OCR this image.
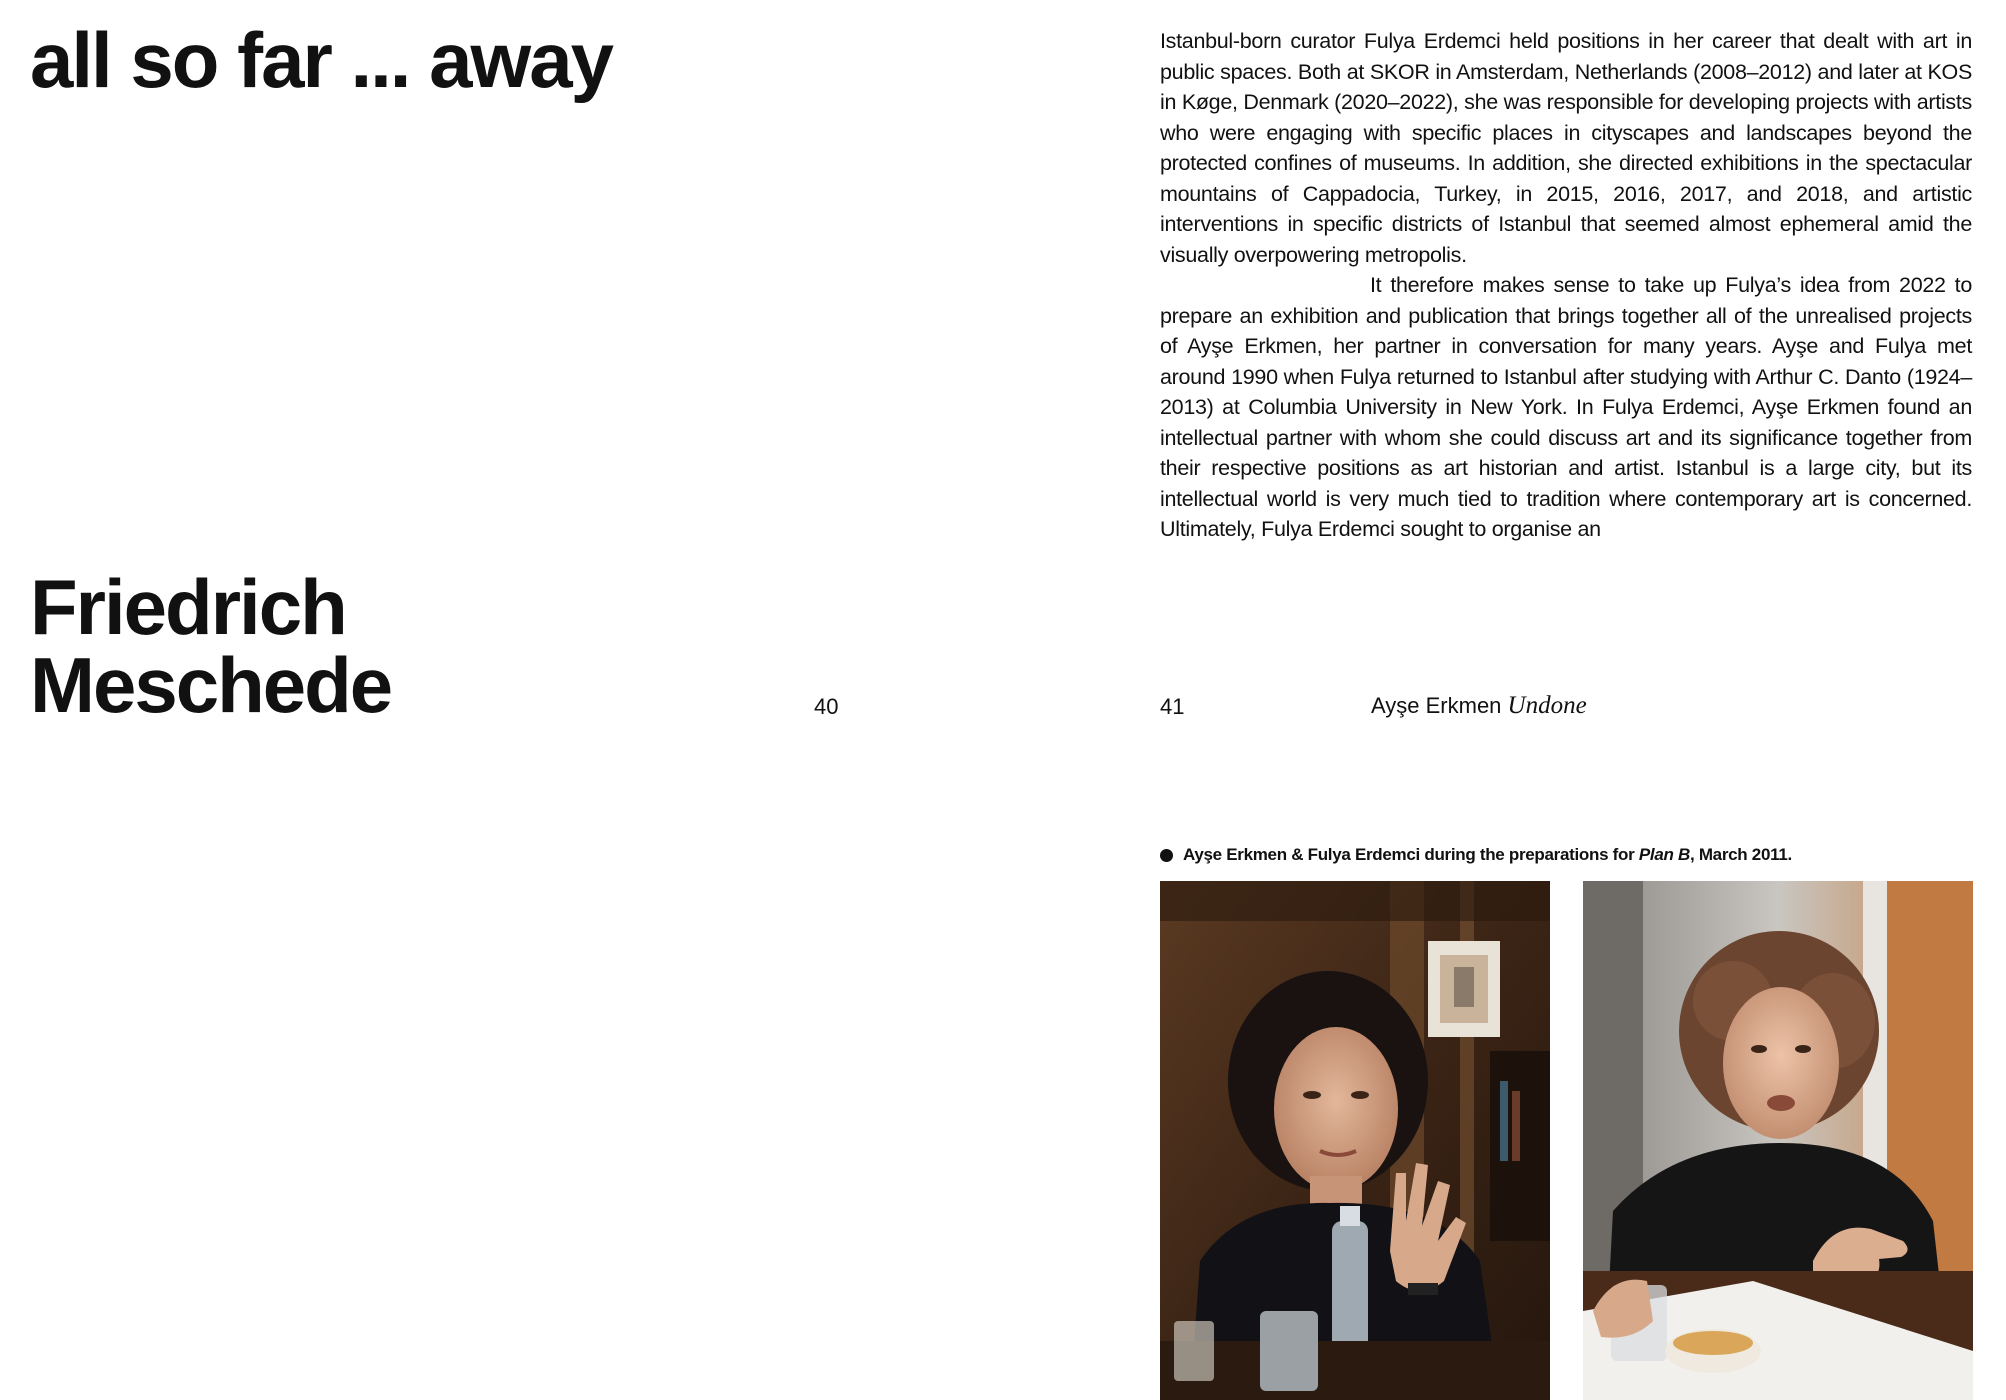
all so far ... away
Friedrich
Meschede	40

Istanbul-born curator Fulya Erdemci held positions in her career that dealt with art in public spaces. Both at SKOR in Amsterdam, Netherlands (2008–2012) and later at KOS in Køge, Denmark (2020–2022), she was responsible for developing projects with artists who were engaging with specific places in cityscapes and landscapes beyond the protected confines of museums. In addition, she directed exhibitions in the spectacular mountains of Cappadocia, Turkey, in 2015, 2016, 2017, and 2018, and artistic interventions in specific districts of Istanbul that seemed almost ephemeral amid the visually overpowering metropolis.

It therefore makes sense to take up Fulya’s idea from 2022 to prepare an exhibition and publication that brings together all of the unrealised projects of Ayşe Erkmen, her partner in conversation for many years. Ayşe and Fulya met around 1990 when Fulya returned to Istanbul after studying with Arthur C. Danto (1924–2013) at Columbia University in New York. In Fulya Erdemci, Ayşe Erkmen found an intellectual partner with whom she could discuss art and its significance together from their respective positions as art historian and artist. Istanbul is a large city, but its intellectual world is very much tied to tradition where contemporary art is concerned. Ultimately, Fulya Erdemci sought to organise an

41	Ayşe Erkmen Undone
Ayşe Erkmen & Fulya Erdemci during the preparations for Plan B, March 2011.
